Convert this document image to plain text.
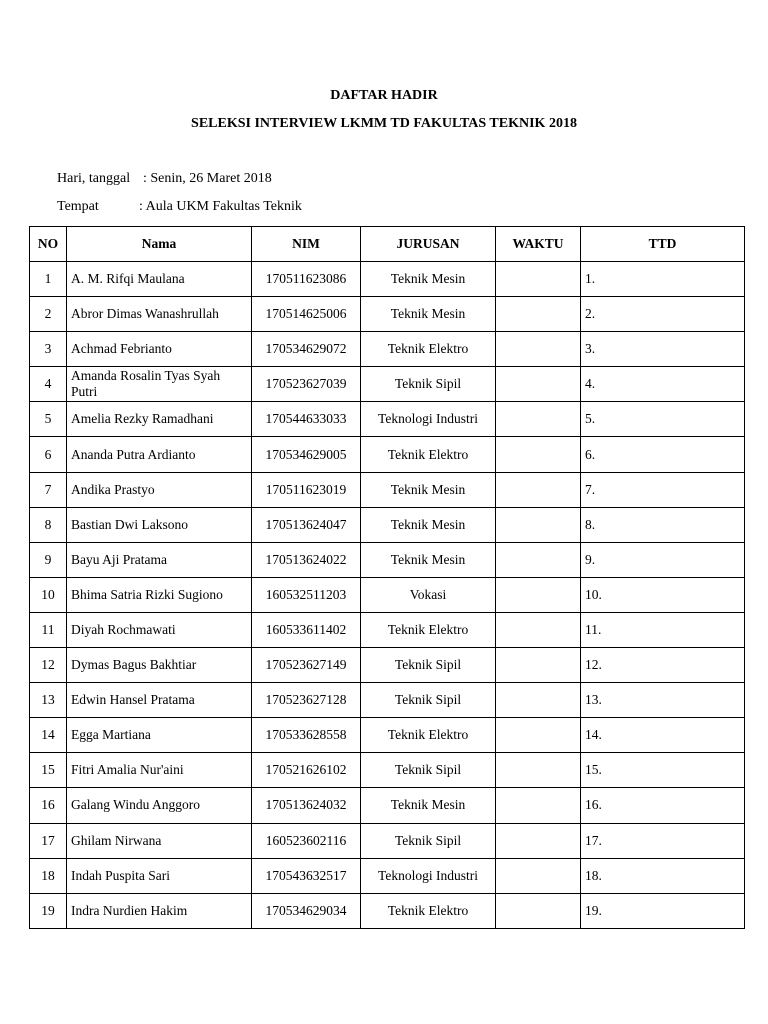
DAFTAR HADIR
SELEKSI INTERVIEW LKMM TD FAKULTAS TEKNIK 2018
Hari, tanggal : Senin, 26 Maret 2018
Tempat	: Aula UKM Fakultas Teknik
NO	Nama	NIM	JURUSAN	WAKTU	TTD
1	A. M. Rifqi Maulana	170511623086	Teknik Mesin		1.
2	Abror Dimas Wanashrullah	170514625006	Teknik Mesin		2.
3	Achmad Febrianto	170534629072	Teknik Elektro		3.
4	Amanda Rosalin Tyas Syah Putri	170523627039	Teknik Sipil		4.
5	Amelia Rezky Ramadhani	170544633033	Teknologi Industri		5.
6	Ananda Putra Ardianto	170534629005	Teknik Elektro		6.
7	Andika Prastyo	170511623019	Teknik Mesin		7.
8	Bastian Dwi Laksono	170513624047	Teknik Mesin		8.
9	Bayu Aji Pratama	170513624022	Teknik Mesin		9.
10	Bhima Satria Rizki Sugiono	160532511203	Vokasi		10.
11	Diyah Rochmawati	160533611402	Teknik Elektro		11.
12	Dymas Bagus Bakhtiar	170523627149	Teknik Sipil		12.
13	Edwin Hansel Pratama	170523627128	Teknik Sipil		13.
14	Egga Martiana	170533628558	Teknik Elektro		14.
15	Fitri Amalia Nur'aini	170521626102	Teknik Sipil		15.
16	Galang Windu Anggoro	170513624032	Teknik Mesin		16.
17	Ghilam Nirwana	160523602116	Teknik Sipil		17.
18	Indah Puspita Sari	170543632517	Teknologi Industri		18.
19	Indra Nurdien Hakim	170534629034	Teknik Elektro		19.
